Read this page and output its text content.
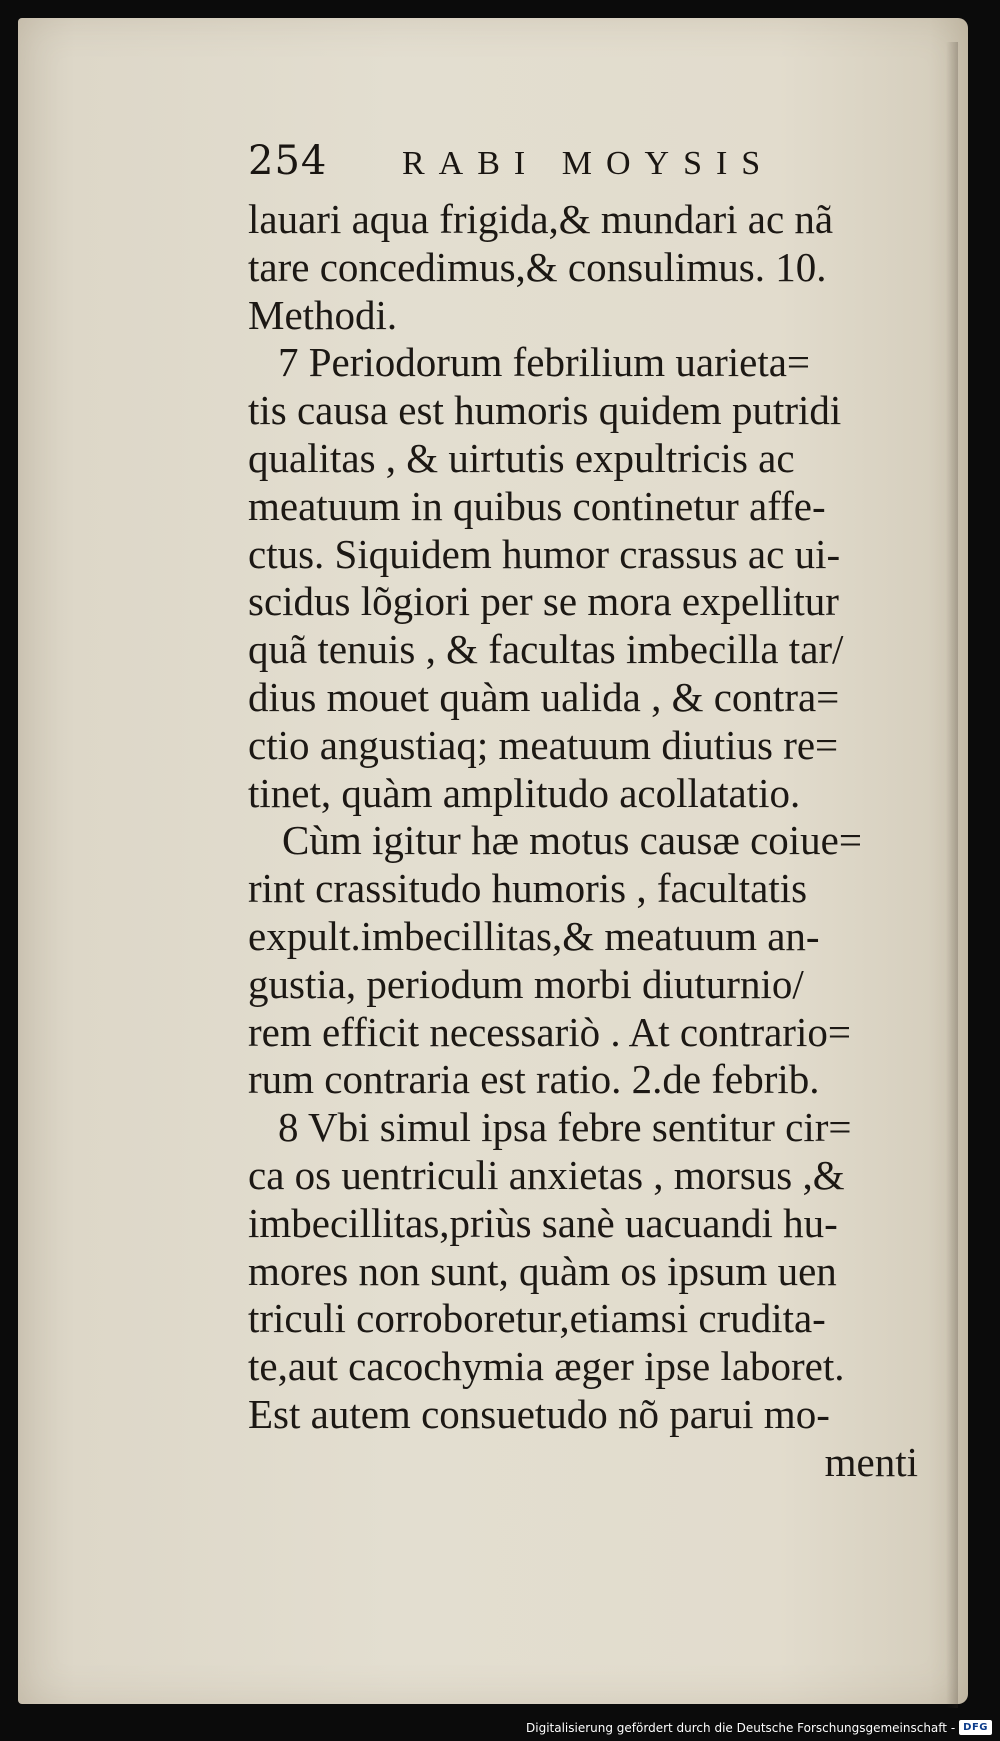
254	RABI MOYSIS
lauari aqua frigida,& mundari ac nã
tare concedimus,& consulimus. 10.
Methodi.
7 Periodorum febrilium uarieta=
tis causa est humoris quidem putridi
qualitas , & uirtutis expultricis ac
meatuum in quibus continetur affe-
ctus. Siquidem humor crassus ac ui-
scidus lõgiori per se mora expellitur
quã tenuis , & facultas imbecilla tar/
dius mouet quàm ualida , & contra=
ctio angustiaq; meatuum diutius re=
tinet, quàm amplitudo acollatatio.
Cùm igitur hæ motus causæ coiue=
rint crassitudo humoris , facultatis
expult.imbecillitas,& meatuum an-
gustia, periodum morbi diuturnio/
rem efficit necessariò . At contrario=
rum contraria est ratio. 2.de febrib.
8 Vbi simul ipsa febre sentitur cir=
ca os uentriculi anxietas , morsus ,&
imbecillitas,priùs sanè uacuandi hu-
mores non sunt, quàm os ipsum uen
triculi corroboretur,etiamsi crudita-
te,aut cacochymia æger ipse laboret.
Est autem consuetudo nõ parui mo-
menti
Digitalisierung gefördert durch die Deutsche Forschungsgemeinschaft - DFG
